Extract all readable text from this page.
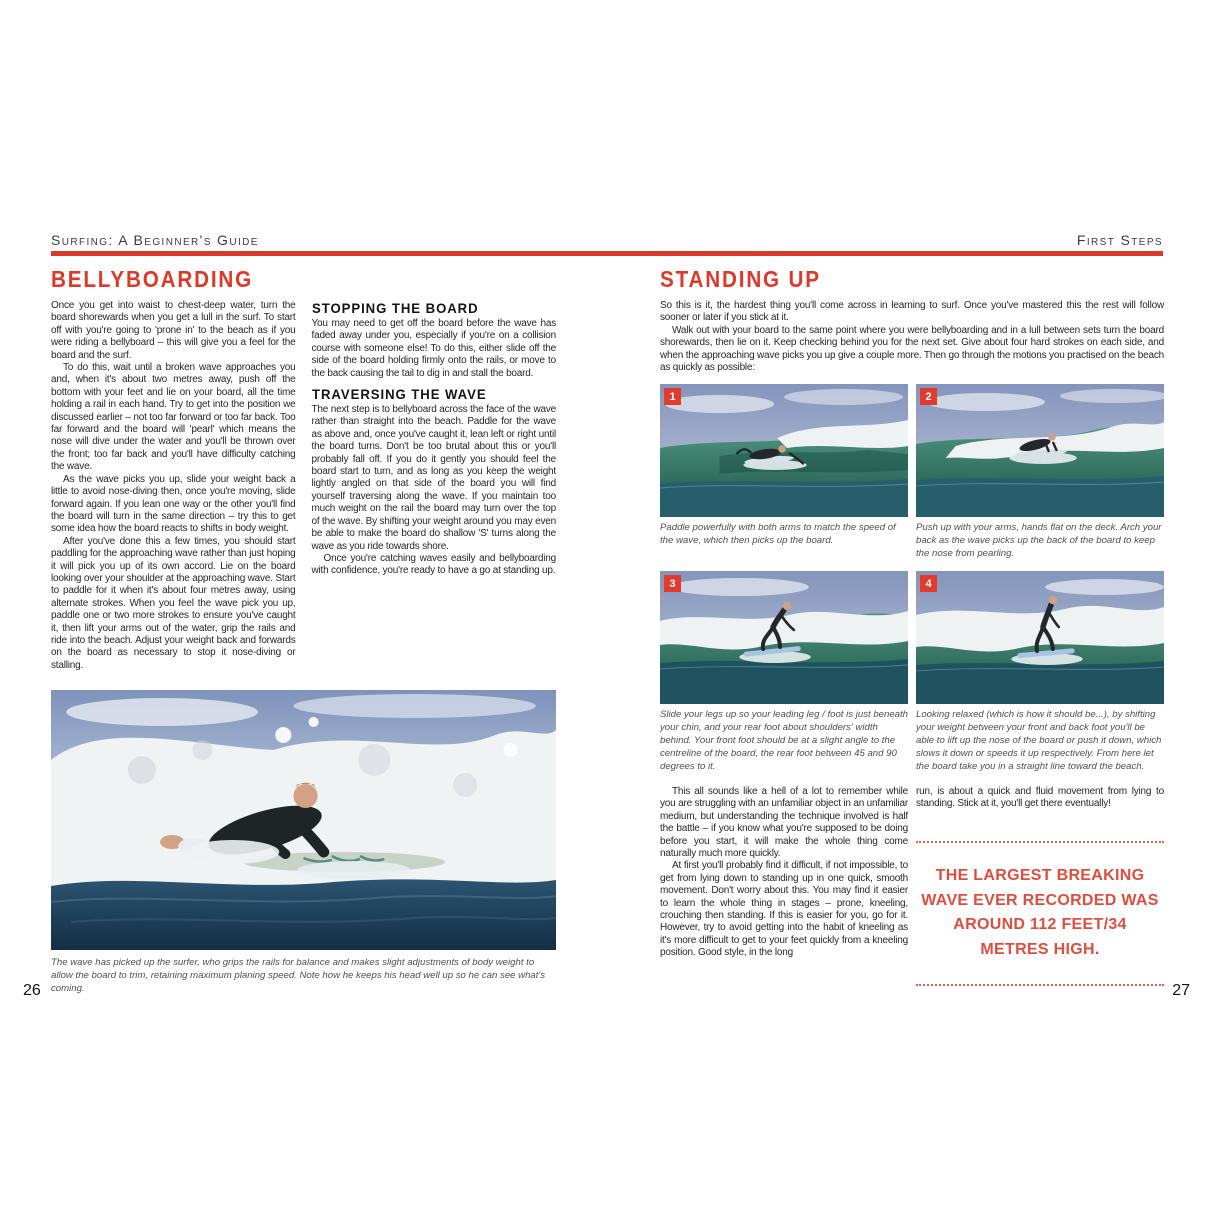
Surfing: A Beginner's Guide	First Steps
BELLYBOARDING

Once you get into waist to chest-deep water, turn the board shorewards when you get a lull in the surf. To start off with you're going to 'prone in' to the beach as if you were riding a bellyboard – this will give you a feel for the board and the surf.

To do this, wait until a broken wave approaches you and, when it's about two metres away, push off the bottom with your feet and lie on your board, all the time holding a rail in each hand. Try to get into the position we discussed earlier – not too far forward or too far back. Too far forward and the board will 'pearl' which means the nose will dive under the water and you'll be thrown over the front; too far back and you'll have difficulty catching the wave.

As the wave picks you up, slide your weight back a little to avoid nose-diving then, once you're moving, slide forward again. If you lean one way or the other you'll find the board will turn in the same direction – try this to get some idea how the board reacts to shifts in body weight.

After you've done this a few times, you should start paddling for the approaching wave rather than just hoping it will pick you up of its own accord. Lie on the board looking over your shoulder at the approaching wave. Start to paddle for it when it's about four metres away, using alternate strokes. When you feel the wave pick you up, paddle one or two more strokes to ensure you've caught it, then lift your arms out of the water, grip the rails and ride into the beach. Adjust your weight back and forwards on the board as necessary to stop it nose-diving or stalling.

STOPPING THE BOARD

You may need to get off the board before the wave has faded away under you, especially if you're on a collision course with someone else! To do this, either slide off the side of the board holding firmly onto the rails, or move to the back causing the tail to dig in and stall the board.

TRAVERSING THE WAVE

The next step is to bellyboard across the face of the wave rather than straight into the beach. Paddle for the wave as above and, once you've caught it, lean left or right until the board turns. Don't be too brutal about this or you'll probably fall off. If you do it gently you should feel the board start to turn, and as long as you keep the weight lightly angled on that side of the board you will find yourself traversing along the wave. If you maintain too much weight on the rail the board may turn over the top of the wave. By shifting your weight around you may even be able to make the board do shallow 'S' turns along the wave as you ride towards shore.

Once you're catching waves easily and bellyboarding with confidence, you're ready to have a go at standing up.

The wave has picked up the surfer, who grips the rails for balance and makes slight adjustments of body weight to allow the board to trim, retaining maximum planing speed. Note how he keeps his head well up so he can see what's coming.
STANDING UP

So this is it, the hardest thing you'll come across in learning to surf. Once you've mastered this the rest will follow sooner or later if you stick at it.

Walk out with your board to the same point where you were bellyboarding and in a lull between sets turn the board shorewards, then lie on it. Keep checking behind you for the next set. Give about four hard strokes on each side, and when the approaching wave picks you up give a couple more. Then go through the motions you practised on the beach as quickly as possible:

1
Paddle powerfully with both arms to match the speed of the wave, which then picks up the board.
2
Push up with your arms, hands flat on the deck. Arch your back as the wave picks up the back of the board to keep the nose from pearling.
3
Slide your legs up so your leading leg / foot is just beneath your chin, and your rear foot about shoulders' width behind. Your front foot should be at a slight angle to the centreline of the board, the rear foot between 45 and 90 degrees to it.
4
Looking relaxed (which is how it should be...), by shifting your weight between your front and back foot you'll be able to lift up the nose of the board or push it down, which slows it down or speeds it up respectively. From here let the board take you in a straight line toward the beach.

This all sounds like a hell of a lot to remember while you are struggling with an unfamiliar object in an unfamiliar medium, but understanding the technique involved is half the battle – if you know what you're supposed to be doing before you start, it will make the whole thing come naturally much more quickly.

At first you'll probably find it difficult, if not impossible, to get from lying down to standing up in one quick, smooth movement. Don't worry about this. You may find it easier to learn the whole thing in stages – prone, kneeling, crouching then standing. If this is easier for you, go for it. However, try to avoid getting into the habit of kneeling as it's more difficult to get to your feet quickly from a kneeling position. Good style, in the long

run, is about a quick and fluid movement from lying to standing. Stick at it, you'll get there eventually!

THE LARGEST BREAKING WAVE EVER RECORDED WAS AROUND 112 FEET/34 METRES HIGH.

26	27
